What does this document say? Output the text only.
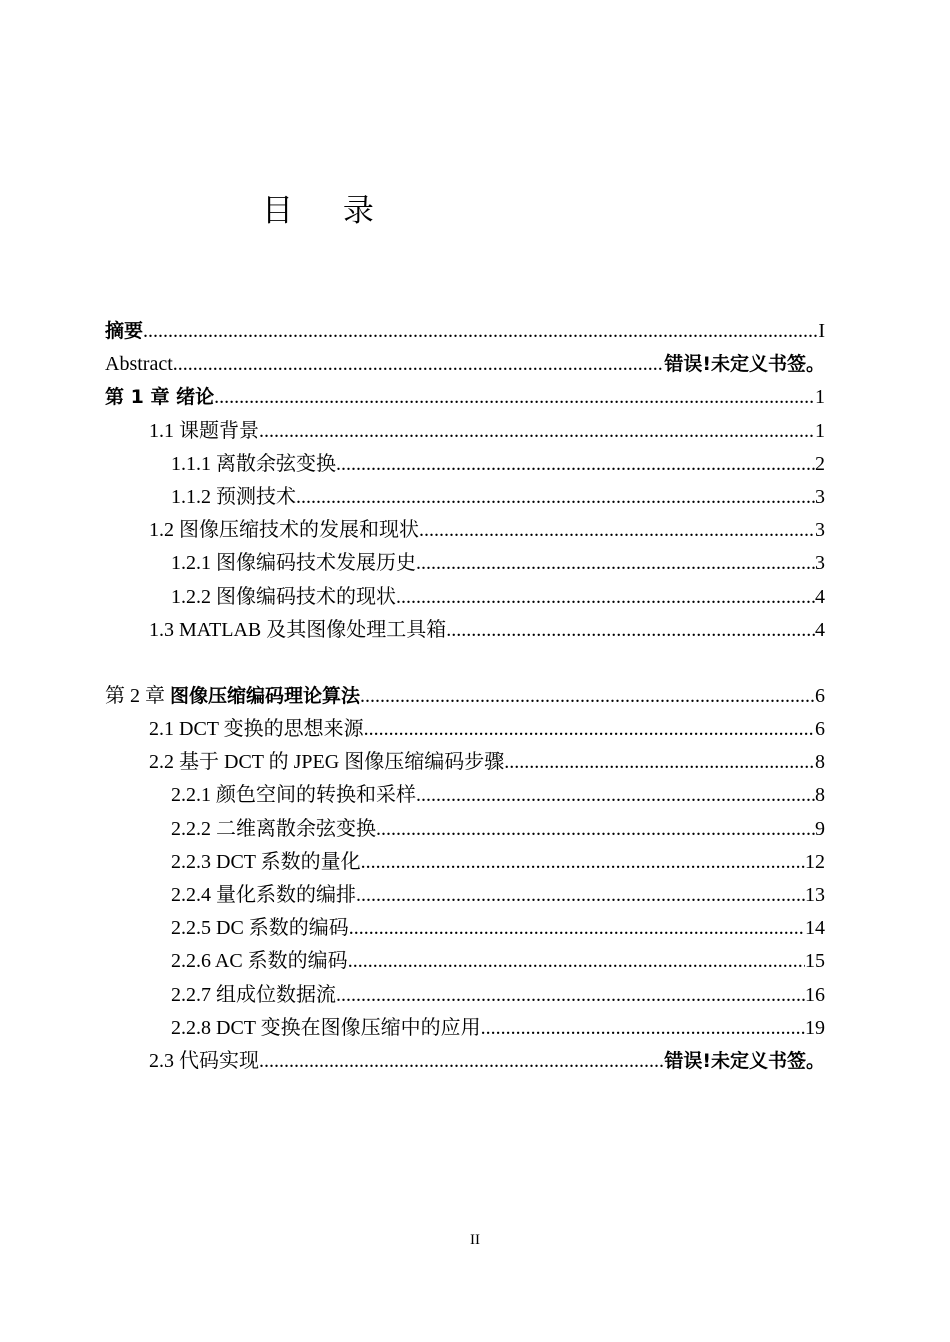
目 录
摘要 .....	I
Abstract .....	错误!未定义书签。
第 1 章 绪论 .....	1
1.1 课题背景 .....	1
1.1.1 离散余弦变换 .....	2
1.1.2 预测技术 .....	3
1.2 图像压缩技术的发展和现状 .....	3
1.2.1 图像编码技术发展历史 .....	3
1.2.2 图像编码技术的现状 .....	4
1.3 MATLAB 及其图像处理工具箱 .....	4
第 2 章 图像压缩编码理论算法 .....	6
2.1 DCT 变换的思想来源 .....	6
2.2 基于 DCT 的 JPEG 图像压缩编码步骤 .....	8
2.2.1 颜色空间的转换和采样 .....	8
2.2.2 二维离散余弦变换 .....	9
2.2.3 DCT 系数的量化 .....	12
2.2.4 量化系数的编排 .....	13
2.2.5 DC 系数的编码 .....	14
2.2.6 AC 系数的编码 .....	15
2.2.7 组成位数据流 .....	16
2.2.8 DCT 变换在图像压缩中的应用 .....	19
2.3 代码实现 .....	错误!未定义书签。
II
